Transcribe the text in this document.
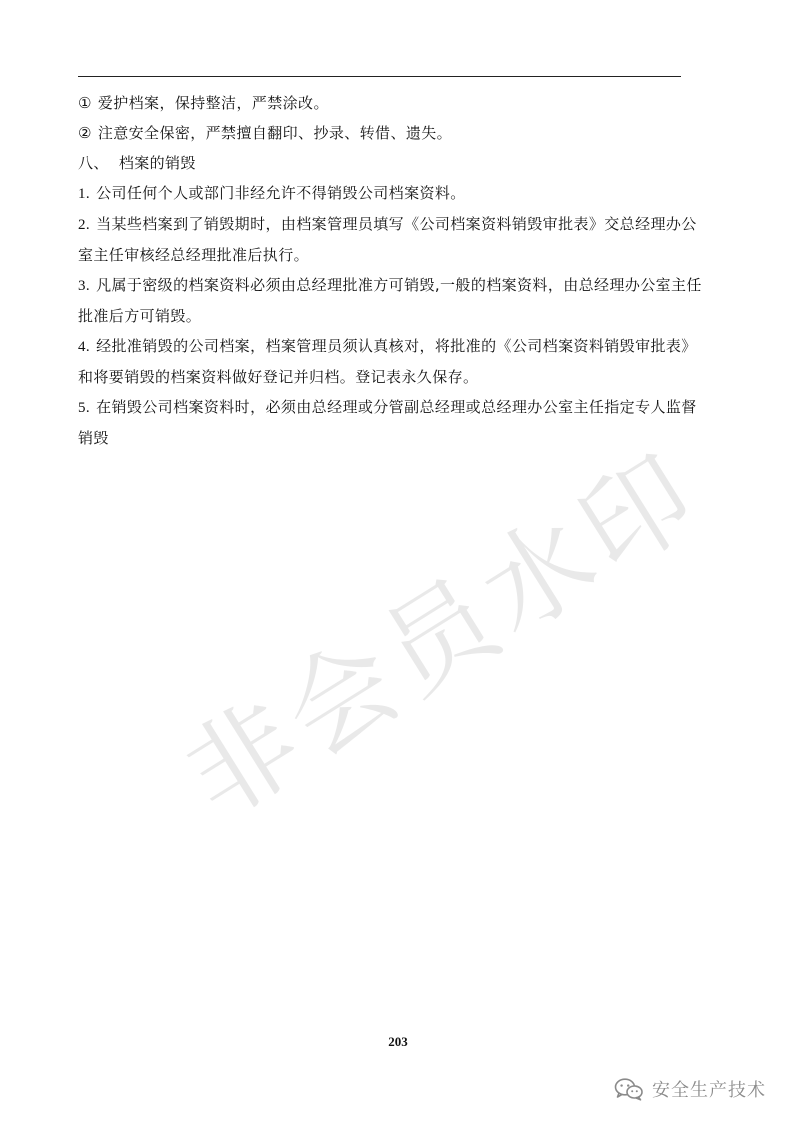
① 爱护档案，保持整洁，严禁涂改。
② 注意安全保密，严禁擅自翻印、抄录、转借、遗失。
八、 档案的销毁
1. 公司任何个人或部门非经允许不得销毁公司档案资料。
2. 当某些档案到了销毁期时，由档案管理员填写《公司档案资料销毁审批表》交总经理办公
室主任审核经总经理批准后执行。
3. 凡属于密级的档案资料必须由总经理批准方可销毁,一般的档案资料，由总经理办公室主任
批准后方可销毁。
4. 经批准销毁的公司档案，档案管理员须认真核对，将批准的《公司档案资料销毁审批表》
和将要销毁的档案资料做好登记并归档。登记表永久保存。
5. 在销毁公司档案资料时，必须由总经理或分管副总经理或总经理办公室主任指定专人监督
销毁 非会员水印
203
安全生产技术
